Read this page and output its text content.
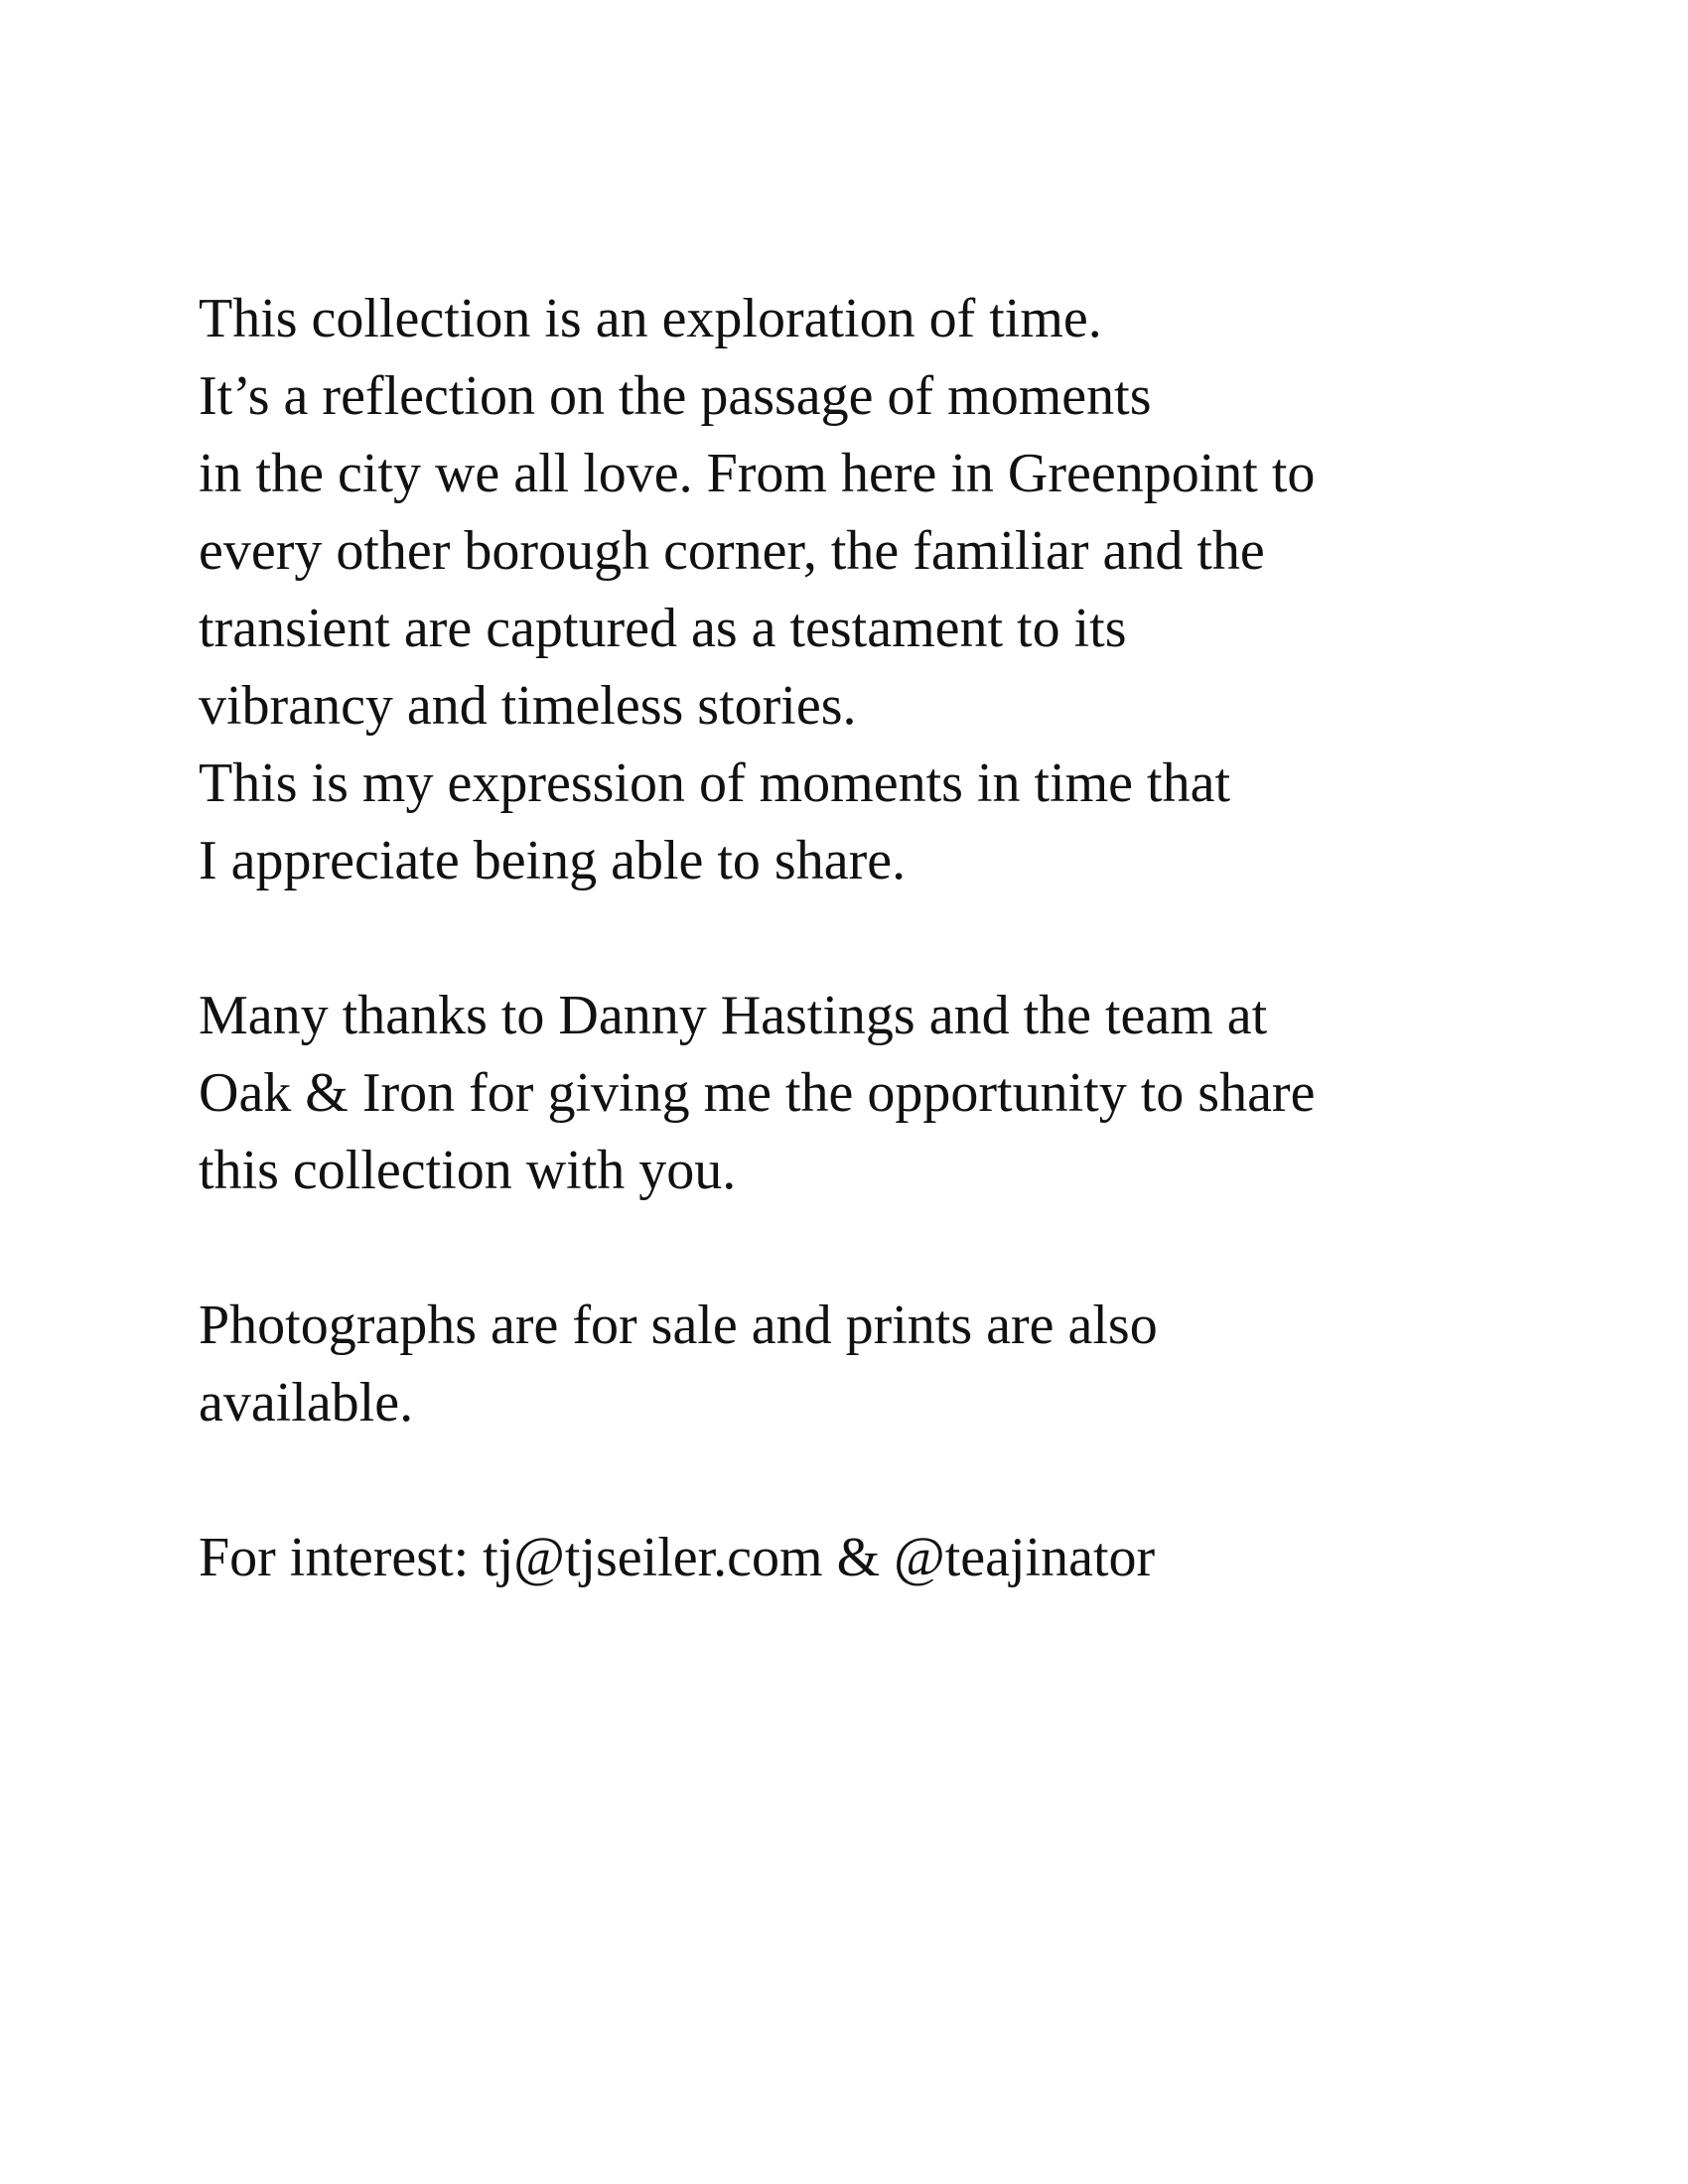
This collection is an exploration of time.
It’s a reflection on the passage of moments
in the city we all love. From here in Greenpoint to
every other borough corner, the familiar and the
transient are captured as a testament to its
vibrancy and timeless stories.
This is my expression of moments in time that
I appreciate being able to share.

Many thanks to Danny Hastings and the team at
Oak & Iron for giving me the opportunity to share
this collection with you.

Photographs are for sale and prints are also
available.

For interest: tj@tjseiler.com & @teajinator
